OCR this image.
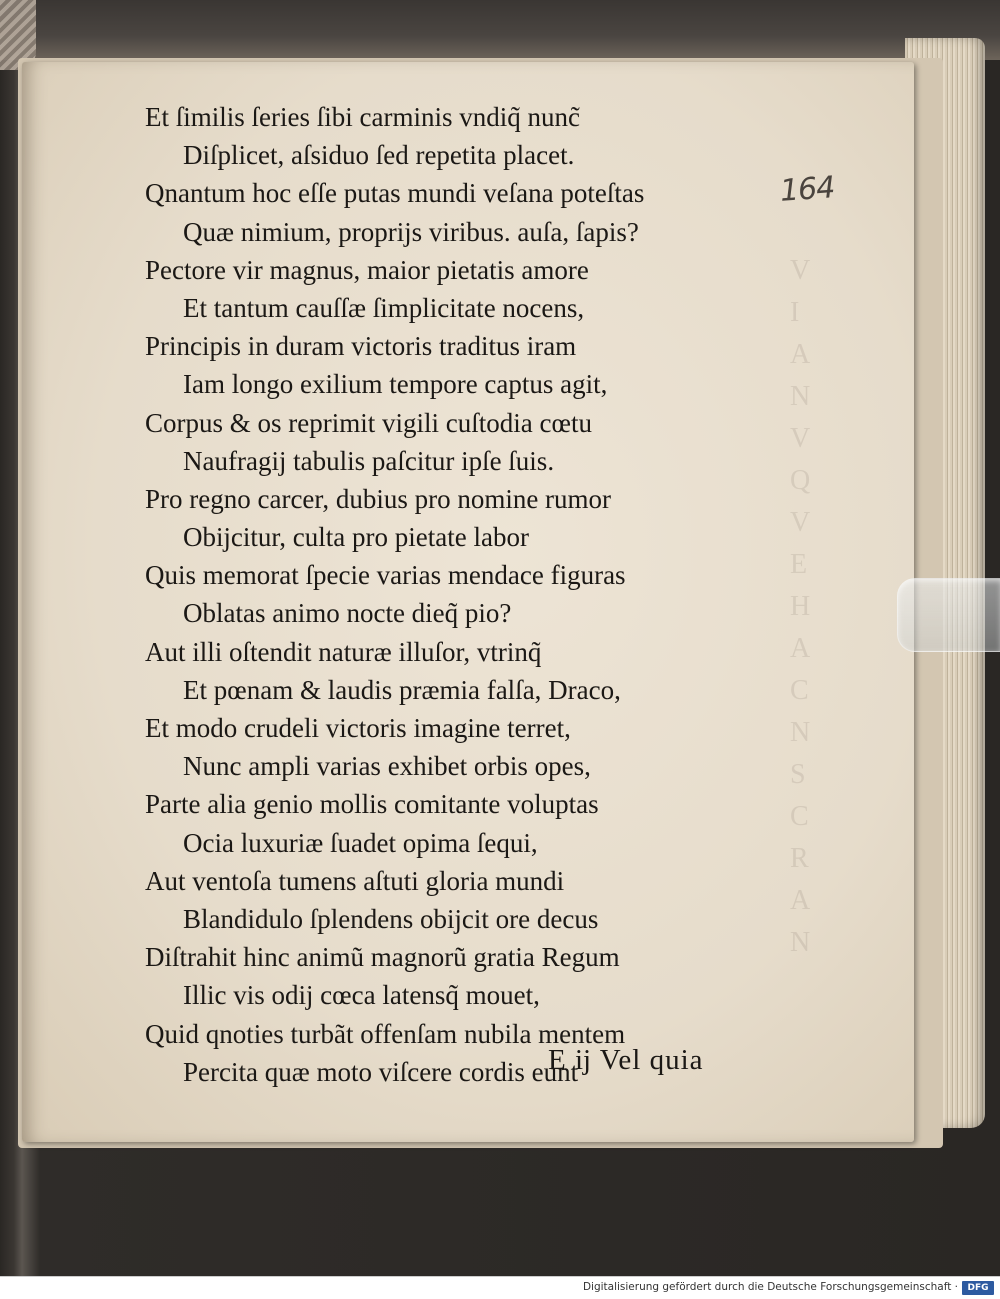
V
I
A
N
V
Q
V
E
H
A
C
N
S
C
R
A
N
164
Et ſimilis ſeries ſibi carminis vndiq̃ nunc̃
Diſplicet, aſsiduo ſed repetita placet.
Qnantum hoc eſſe putas mundi veſana poteſtas
Quæ nimium, proprĳs viribus. auſa, ſapis?
Pectore vir magnus, maior pietatis amore
Et tantum cauſſæ ſimplicitate nocens,
Principis in duram victoris traditus iram
Iam longo exilium tempore captus agit,
Corpus & os reprimit vigili cuſtodia cœtu
Naufragĳ tabulis paſcitur ipſe ſuis.
Pro regno carcer, dubius pro nomine rumor
Obĳcitur, culta pro pietate labor
Quis memorat ſpecie varias mendace figuras
Oblatas animo nocte dieq̃ pio?
Aut illi oſtendit naturæ illuſor, vtrinq̃
Et pœnam & laudis præmia falſa, Draco,
Et modo crudeli victoris imagine terret,
Nunc ampli varias exhibet orbis opes,
Parte alia genio mollis comitante voluptas
Ocia luxuriæ ſuadet opima ſequi,
Aut ventoſa tumens aſtuti gloria mundi
Blandidulo ſplendens obĳcit ore decus
Diſtrahit hinc animũ magnorũ gratia Regum
Illic vis odĳ cœca latensq̃ mouet,
Quid qnoties turbãt offenſam nubila mentem
Percita quæ moto viſcere cordis eunt
E ĳ Vel quia
Digitalisierung gefördert durch die Deutsche Forschungsgemeinschaft ·	DFG
